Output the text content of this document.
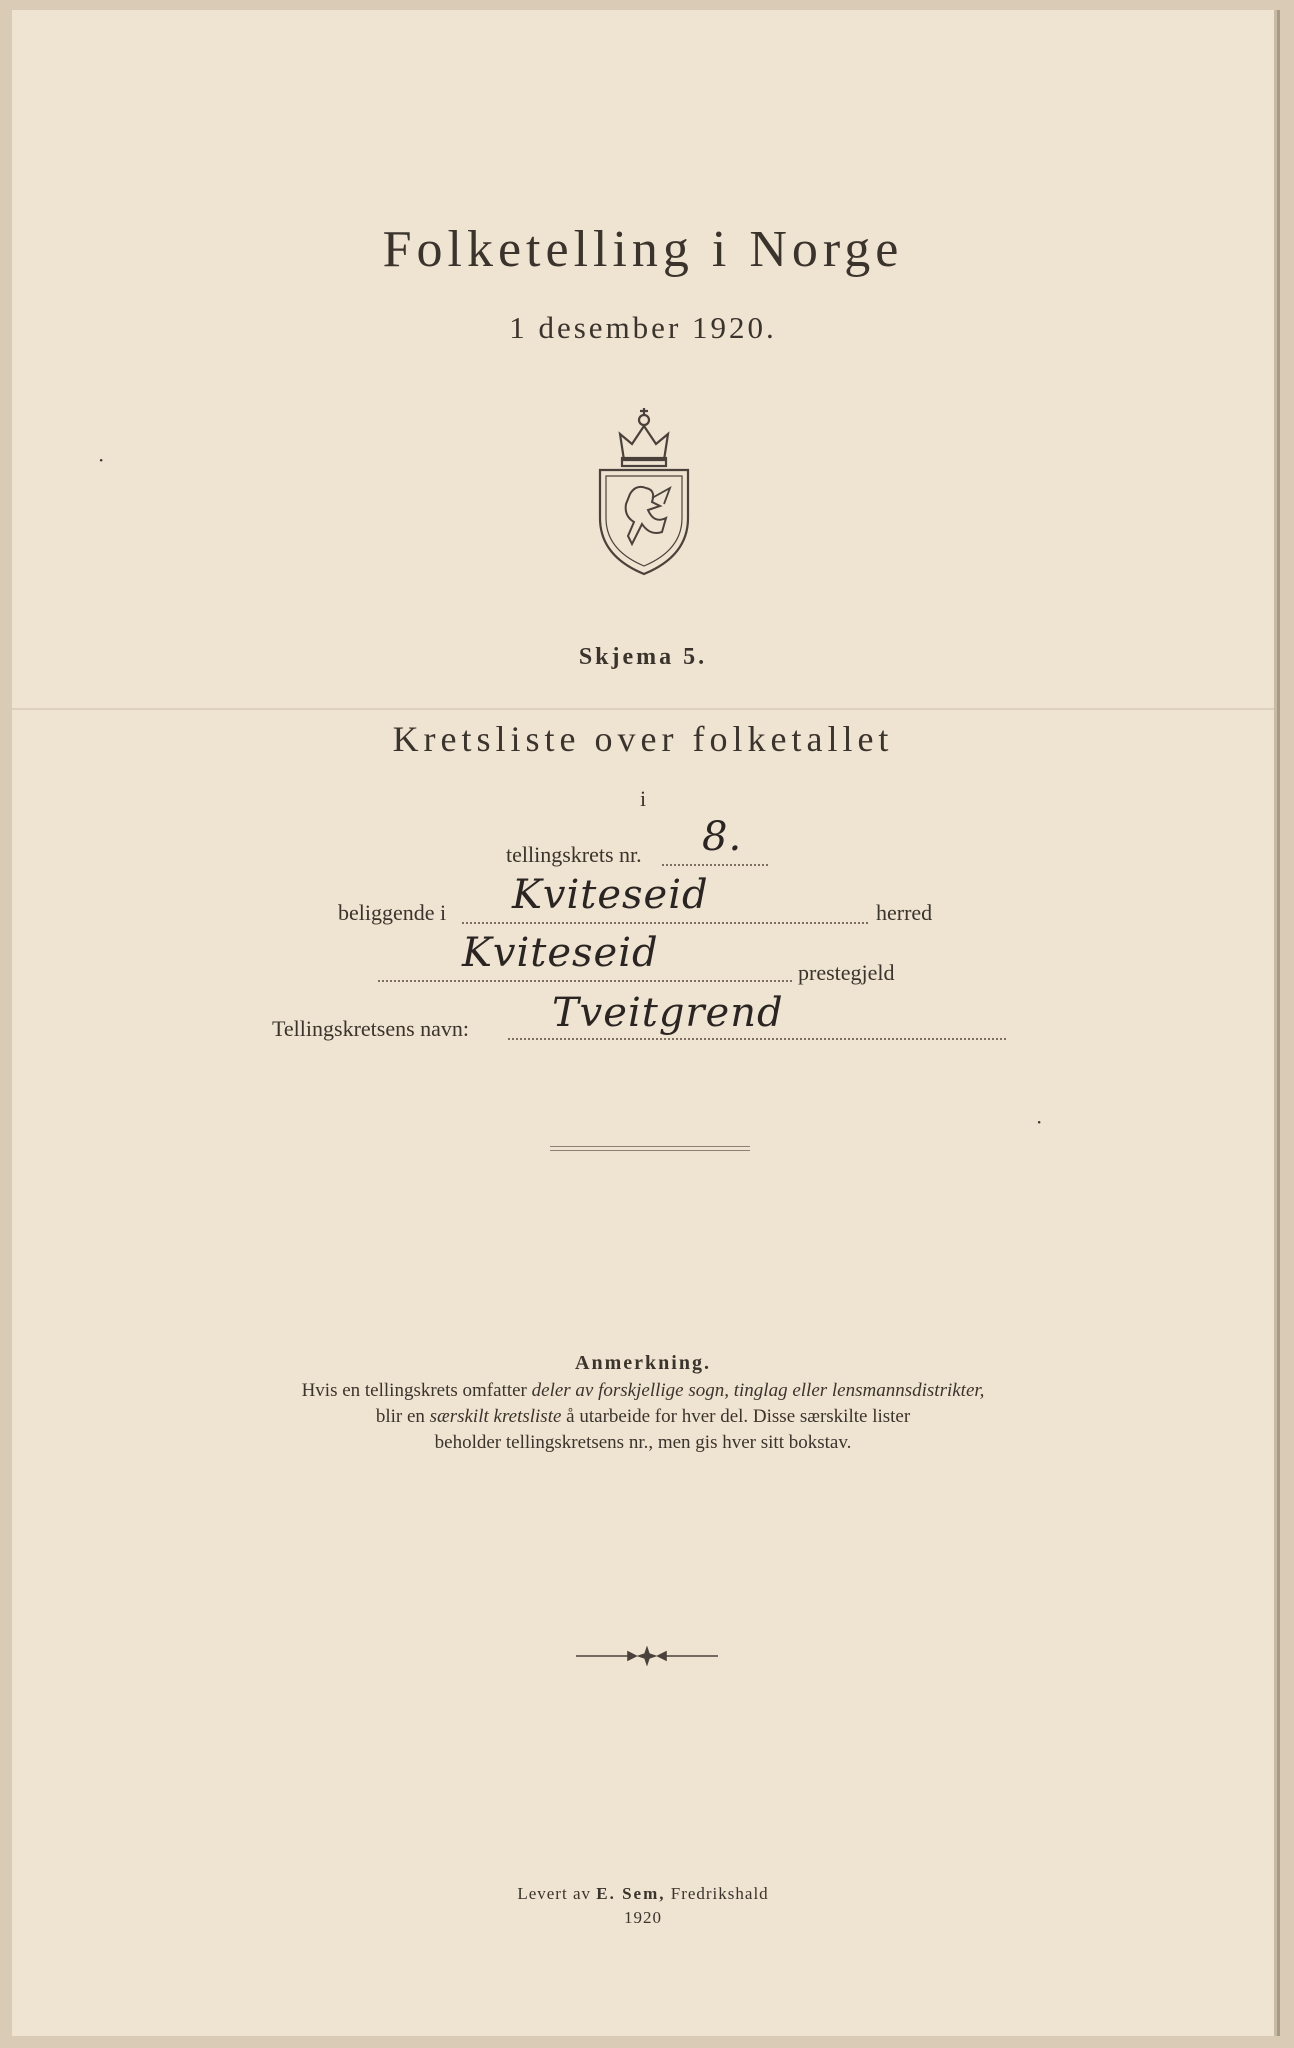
Folketelling i Norge
1 desember 1920.
Skjema 5.
Kretsliste over folketallet
i
tellingskrets nr. 8.
beliggende i Kviteseid	herred
Kviteseid	prestegjeld
Tellingskretsens navn: Tveitgrend
Anmerkning.
Hvis en tellingskrets omfatter deler av forskjellige sogn, tinglag eller lensmannsdistrikter,
blir en særskilt kretsliste å utarbeide for hver del. Disse særskilte lister
beholder tellingskretsens nr., men gis hver sitt bokstav.
Levert av E. Sem, Fredrikshald
1920
·
·
